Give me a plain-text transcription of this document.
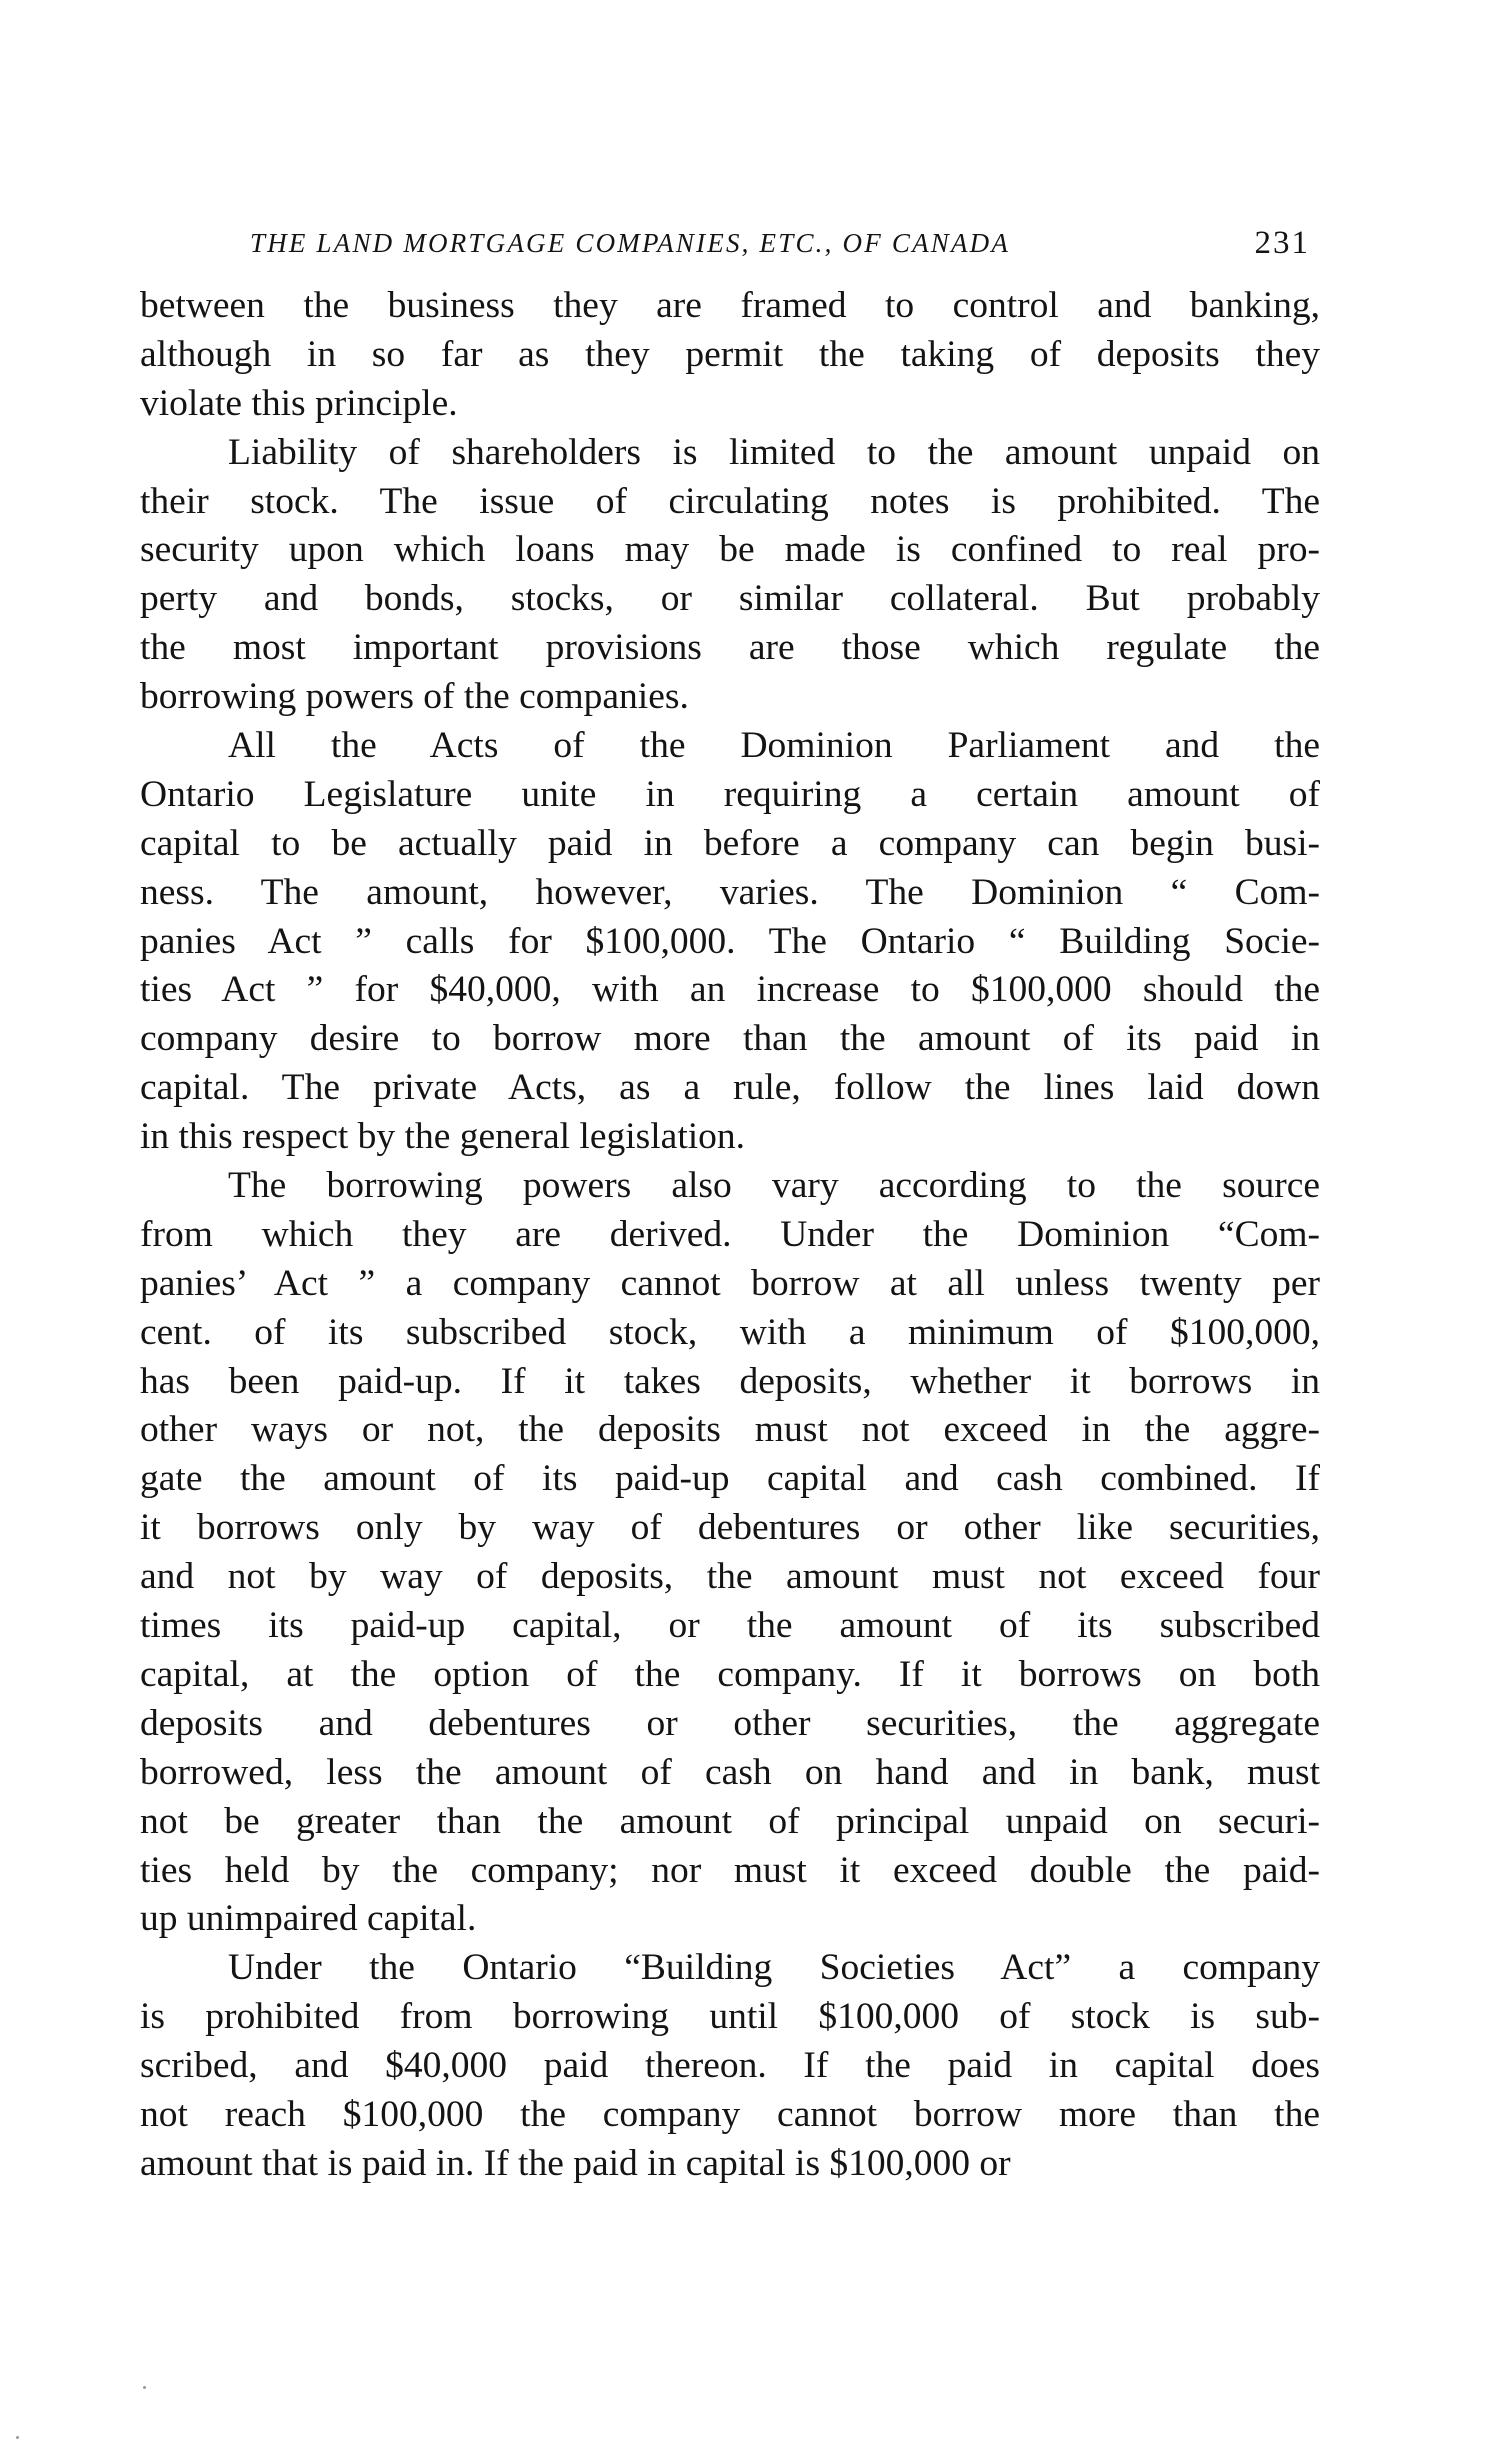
THE LAND MORTGAGE COMPANIES, ETC., OF CANADA	231
between the business they are framed to control and banking,
although in so far as they permit the taking of deposits they
violate this principle.
Liability of shareholders is limited to the amount unpaid on
their stock. The issue of circulating notes is prohibited. The
security upon which loans may be made is confined to real pro-
perty and bonds, stocks, or similar collateral. But probably
the most important provisions are those which regulate the
borrowing powers of the companies.
All the Acts of the Dominion Parliament and the
Ontario Legislature unite in requiring a certain amount of
capital to be actually paid in before a company can begin busi-
ness. The amount, however, varies. The Dominion “ Com-
panies Act ” calls for $100,000. The Ontario “ Building Socie-
ties Act ” for $40,000, with an increase to $100,000 should the
company desire to borrow more than the amount of its paid in
capital. The private Acts, as a rule, follow the lines laid down
in this respect by the general legislation.
The borrowing powers also vary according to the source
from which they are derived. Under the Dominion “Com-
panies’ Act ” a company cannot borrow at all unless twenty per
cent. of its subscribed stock, with a minimum of $100,000,
has been paid-up. If it takes deposits, whether it borrows in
other ways or not, the deposits must not exceed in the aggre-
gate the amount of its paid-up capital and cash combined. If
it borrows only by way of debentures or other like securities,
and not by way of deposits, the amount must not exceed four
times its paid-up capital, or the amount of its subscribed
capital, at the option of the company. If it borrows on both
deposits and debentures or other securities, the aggregate
borrowed, less the amount of cash on hand and in bank, must
not be greater than the amount of principal unpaid on securi-
ties held by the company; nor must it exceed double the paid-
up unimpaired capital.
Under the Ontario “Building Societies Act” a company
is prohibited from borrowing until $100,000 of stock is sub-
scribed, and $40,000 paid thereon. If the paid in capital does
not reach $100,000 the company cannot borrow more than the
amount that is paid in. If the paid in capital is $100,000 or
